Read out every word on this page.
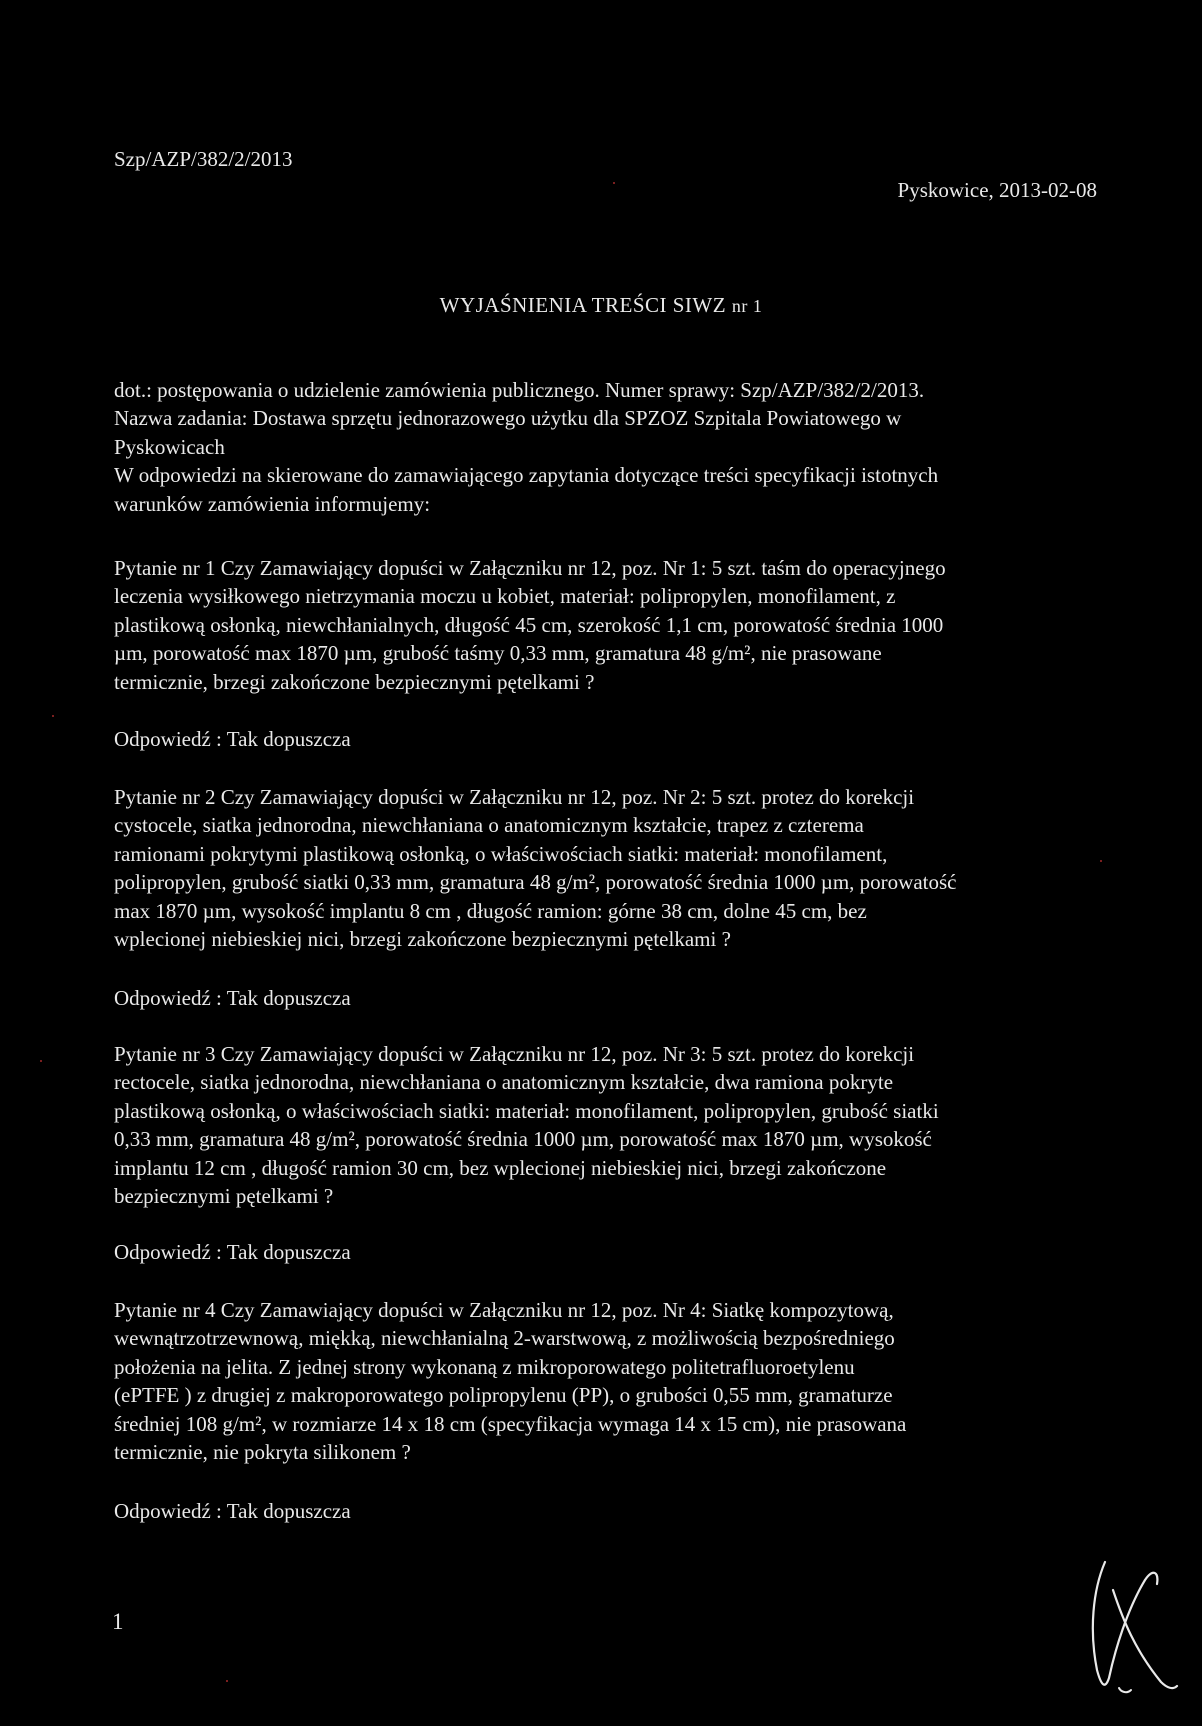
Szp/AZP/382/2/2013
Pyskowice, 2013-02-08
WYJAŚNIENIA TREŚCI SIWZ nr 1
dot.: postępowania o udzielenie zamówienia publicznego. Numer sprawy: Szp/AZP/382/2/2013.
Nazwa zadania: Dostawa sprzętu jednorazowego użytku dla SPZOZ Szpitala Powiatowego w
Pyskowicach
W odpowiedzi na skierowane do zamawiającego zapytania dotyczące treści specyfikacji istotnych
warunków zamówienia informujemy:
Pytanie nr 1 Czy Zamawiający dopuści w Załączniku nr 12, poz. Nr 1: 5 szt. taśm do operacyjnego
leczenia wysiłkowego nietrzymania moczu u kobiet, materiał: polipropylen, monofilament, z
plastikową osłonką, niewchłanialnych, długość 45 cm, szerokość 1,1 cm, porowatość średnia 1000
µm, porowatość max 1870 µm, grubość taśmy 0,33 mm, gramatura 48 g/m², nie prasowane
termicznie, brzegi zakończone bezpiecznymi pętelkami ?
Odpowiedź : Tak dopuszcza
Pytanie nr 2 Czy Zamawiający dopuści w Załączniku nr 12, poz. Nr 2: 5 szt. protez do korekcji
cystocele, siatka jednorodna, niewchłaniana o anatomicznym kształcie, trapez z czterema
ramionami pokrytymi plastikową osłonką, o właściwościach siatki: materiał: monofilament,
polipropylen, grubość siatki 0,33 mm, gramatura 48 g/m², porowatość średnia 1000 µm, porowatość
max 1870 µm, wysokość implantu 8 cm , długość ramion: górne 38 cm, dolne 45 cm, bez
wplecionej niebieskiej nici, brzegi zakończone bezpiecznymi pętelkami ?
Odpowiedź : Tak dopuszcza
Pytanie nr 3 Czy Zamawiający dopuści w Załączniku nr 12, poz. Nr 3: 5 szt. protez do korekcji
rectocele, siatka jednorodna, niewchłaniana o anatomicznym kształcie, dwa ramiona pokryte
plastikową osłonką, o właściwościach siatki: materiał: monofilament, polipropylen, grubość siatki
0,33 mm, gramatura 48 g/m², porowatość średnia 1000 µm, porowatość max 1870 µm, wysokość
implantu 12 cm , długość ramion 30 cm, bez wplecionej niebieskiej nici, brzegi zakończone
bezpiecznymi pętelkami ?
Odpowiedź : Tak dopuszcza
Pytanie nr 4 Czy Zamawiający dopuści w Załączniku nr 12, poz. Nr 4: Siatkę kompozytową,
wewnątrzotrzewnową, miękką, niewchłanialną 2-warstwową, z możliwością bezpośredniego
położenia na jelita. Z jednej strony wykonaną z mikroporowatego politetrafluoroetylenu
(ePTFE ) z drugiej z makroporowatego polipropylenu (PP), o grubości 0,55 mm, gramaturze
średniej 108 g/m², w rozmiarze 14 x 18 cm (specyfikacja wymaga 14 x 15 cm), nie prasowana
termicznie, nie pokryta silikonem ?
Odpowiedź : Tak dopuszcza
1
